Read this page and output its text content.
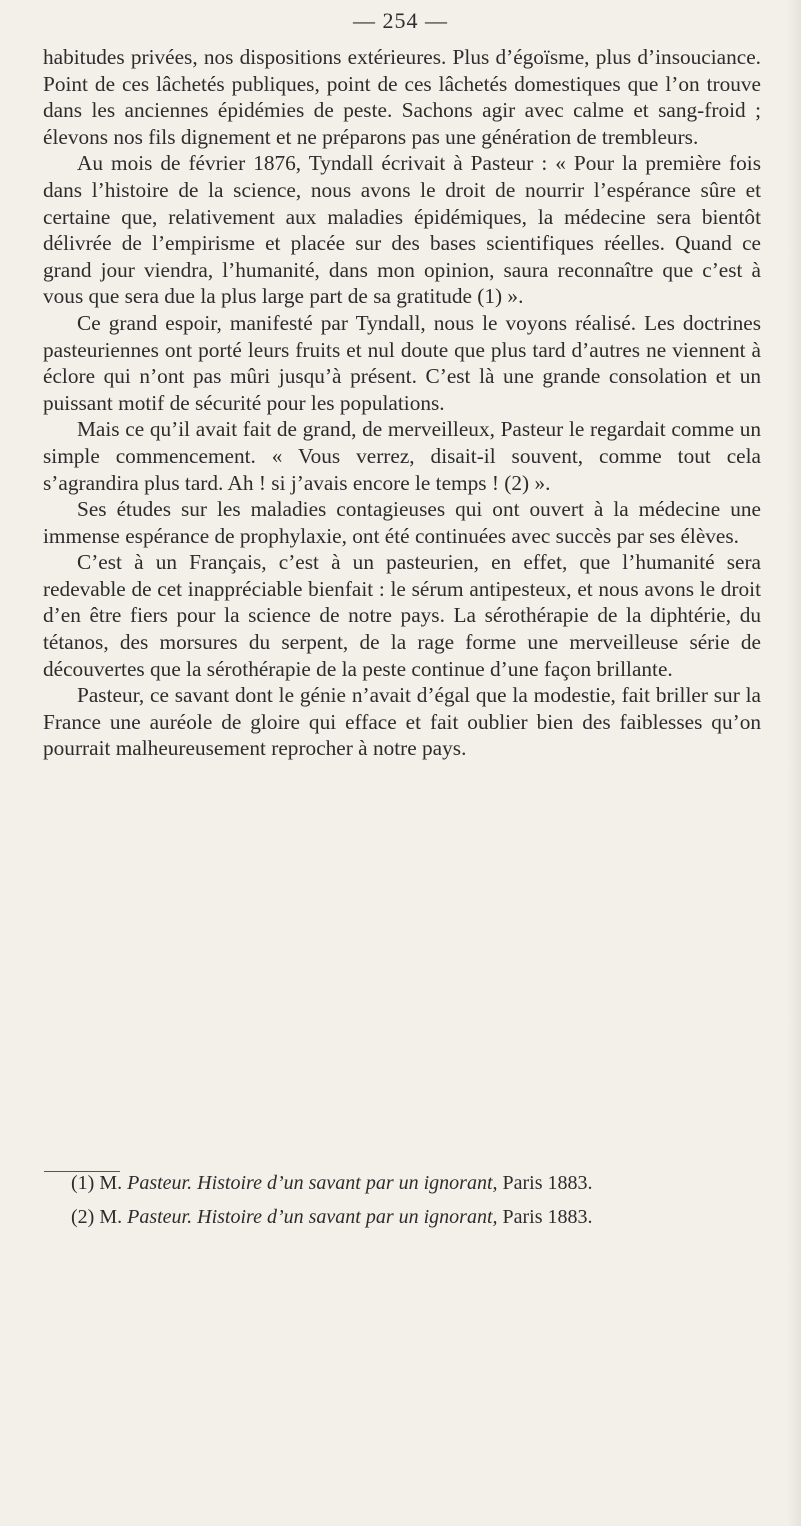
— 254 —

habitudes privées, nos dispositions extérieures. Plus d’égoïsme, plus d’insouciance. Point de ces lâchetés publiques, point de ces lâchetés domestiques que l’on trouve dans les anciennes épidémies de peste. Sachons agir avec calme et sang-froid ; élevons nos fils dignement et ne préparons pas une génération de trembleurs.

Au mois de février 1876, Tyndall écrivait à Pasteur : « Pour la première fois dans l’histoire de la science, nous avons le droit de nourrir l’espérance sûre et certaine que, relativement aux maladies épidémiques, la médecine sera bientôt délivrée de l’empirisme et placée sur des bases scientifiques réelles. Quand ce grand jour viendra, l’humanité, dans mon opinion, saura reconnaître que c’est à vous que sera due la plus large part de sa gratitude (1) ».

Ce grand espoir, manifesté par Tyndall, nous le voyons réalisé. Les doctrines pasteuriennes ont porté leurs fruits et nul doute que plus tard d’autres ne viennent à éclore qui n’ont pas mûri jusqu’à présent. C’est là une grande consolation et un puissant motif de sécurité pour les populations.

Mais ce qu’il avait fait de grand, de merveilleux, Pasteur le regardait comme un simple commencement. « Vous verrez, disait-il souvent, comme tout cela s’agrandira plus tard. Ah ! si j’avais encore le temps ! (2) ».

Ses études sur les maladies contagieuses qui ont ouvert à la médecine une immense espérance de prophylaxie, ont été continuées avec succès par ses élèves.

C’est à un Français, c’est à un pasteurien, en effet, que l’humanité sera redevable de cet inappréciable bienfait : le sérum antipesteux, et nous avons le droit d’en être fiers pour la science de notre pays. La sérothérapie de la diphtérie, du tétanos, des morsures du serpent, de la rage forme une merveilleuse série de découvertes que la sérothérapie de la peste continue d’une façon brillante.

Pasteur, ce savant dont le génie n’avait d’égal que la modestie, fait briller sur la France une auréole de gloire qui efface et fait oublier bien des faiblesses qu’on pourrait malheureusement reprocher à notre pays.

(1) M. Pasteur. Histoire d’un savant par un ignorant, Paris 1883.
(2) M. Pasteur. Histoire d’un savant par un ignorant, Paris 1883.
